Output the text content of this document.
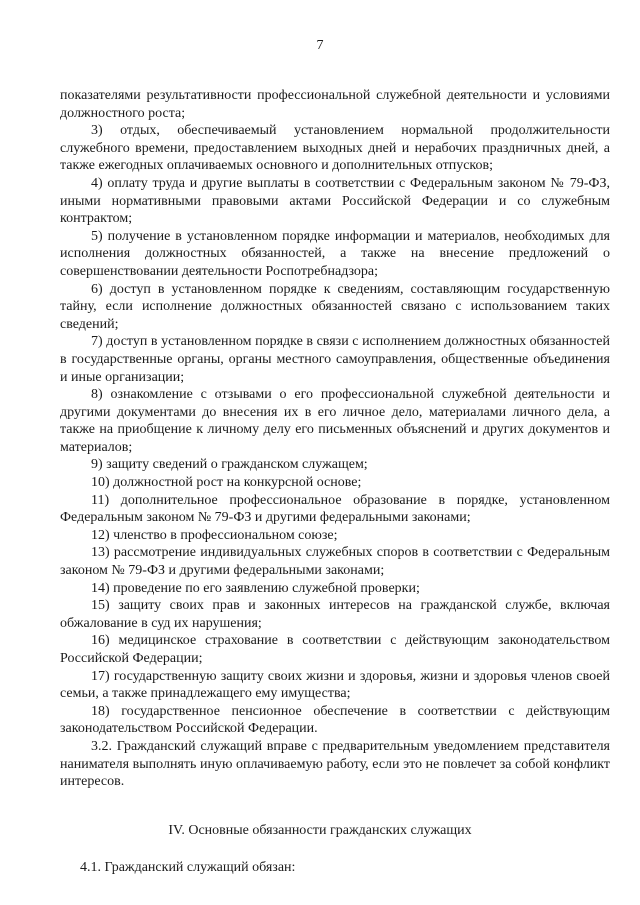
7

показателями результативности профессиональной служебной деятельности и условиями должностного роста;

3) отдых, обеспечиваемый установлением нормальной продолжительности служебного времени, предоставлением выходных дней и нерабочих праздничных дней, а также ежегодных оплачиваемых основного и дополнительных отпусков;

4) оплату труда и другие выплаты в соответствии с Федеральным законом № 79-ФЗ, иными нормативными правовыми актами Российской Федерации и со служебным контрактом;

5) получение в установленном порядке информации и материалов, необходимых для исполнения должностных обязанностей, а также на внесение предложений о совершенствовании деятельности Роспотребнадзора;

6) доступ в установленном порядке к сведениям, составляющим государственную тайну, если исполнение должностных обязанностей связано с использованием таких сведений;

7) доступ в установленном порядке в связи с исполнением должностных обязанностей в государственные органы, органы местного самоуправления, общественные объединения и иные организации;

8) ознакомление с отзывами о его профессиональной служебной деятельности и другими документами до внесения их в его личное дело, материалами личного дела, а также на приобщение к личному делу его письменных объяснений и других документов и материалов;

9) защиту сведений о гражданском служащем;

10) должностной рост на конкурсной основе;

11) дополнительное профессиональное образование в порядке, установленном Федеральным законом № 79-ФЗ и другими федеральными законами;

12) членство в профессиональном союзе;

13) рассмотрение индивидуальных служебных споров в соответствии с Федеральным законом № 79-ФЗ и другими федеральными законами;

14) проведение по его заявлению служебной проверки;

15) защиту своих прав и законных интересов на гражданской службе, включая обжалование в суд их нарушения;

16) медицинское страхование в соответствии с действующим законодательством Российской Федерации;

17) государственную защиту своих жизни и здоровья, жизни и здоровья членов своей семьи, а также принадлежащего ему имущества;

18) государственное пенсионное обеспечение в соответствии с действующим законодательством Российской Федерации.

3.2. Гражданский служащий вправе с предварительным уведомлением представителя нанимателя выполнять иную оплачиваемую работу, если это не повлечет за собой конфликт интересов.

IV. Основные обязанности гражданских служащих
4.1. Гражданский служащий обязан:
